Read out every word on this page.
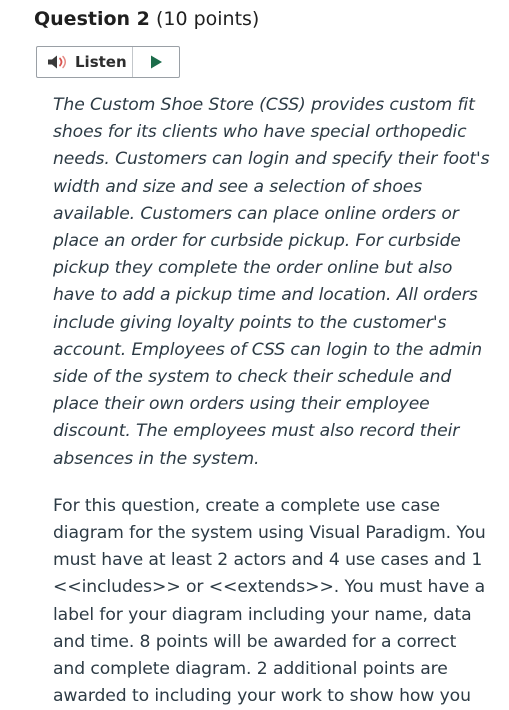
Question 2 (10 points)
Listen

The Custom Shoe Store (CSS) provides custom fit shoes for its clients who have special orthopedic needs. Customers can login and specify their foot's width and size and see a selection of shoes available. Customers can place online orders or place an order for curbside pickup. For curbside pickup they complete the order online but also have to add a pickup time and location. All orders include giving loyalty points to the customer's account. Employees of CSS can login to the admin side of the system to check their schedule and place their own orders using their employee discount. The employees must also record their absences in the system.

For this question, create a complete use case diagram for the system using Visual Paradigm. You must have at least 2 actors and 4 use cases and 1 <<includes>> or <<extends>>. You must have a label for your diagram including your name, data and time. 8 points will be awarded for a correct and complete diagram. 2 additional points are awarded to including your work to show how you
